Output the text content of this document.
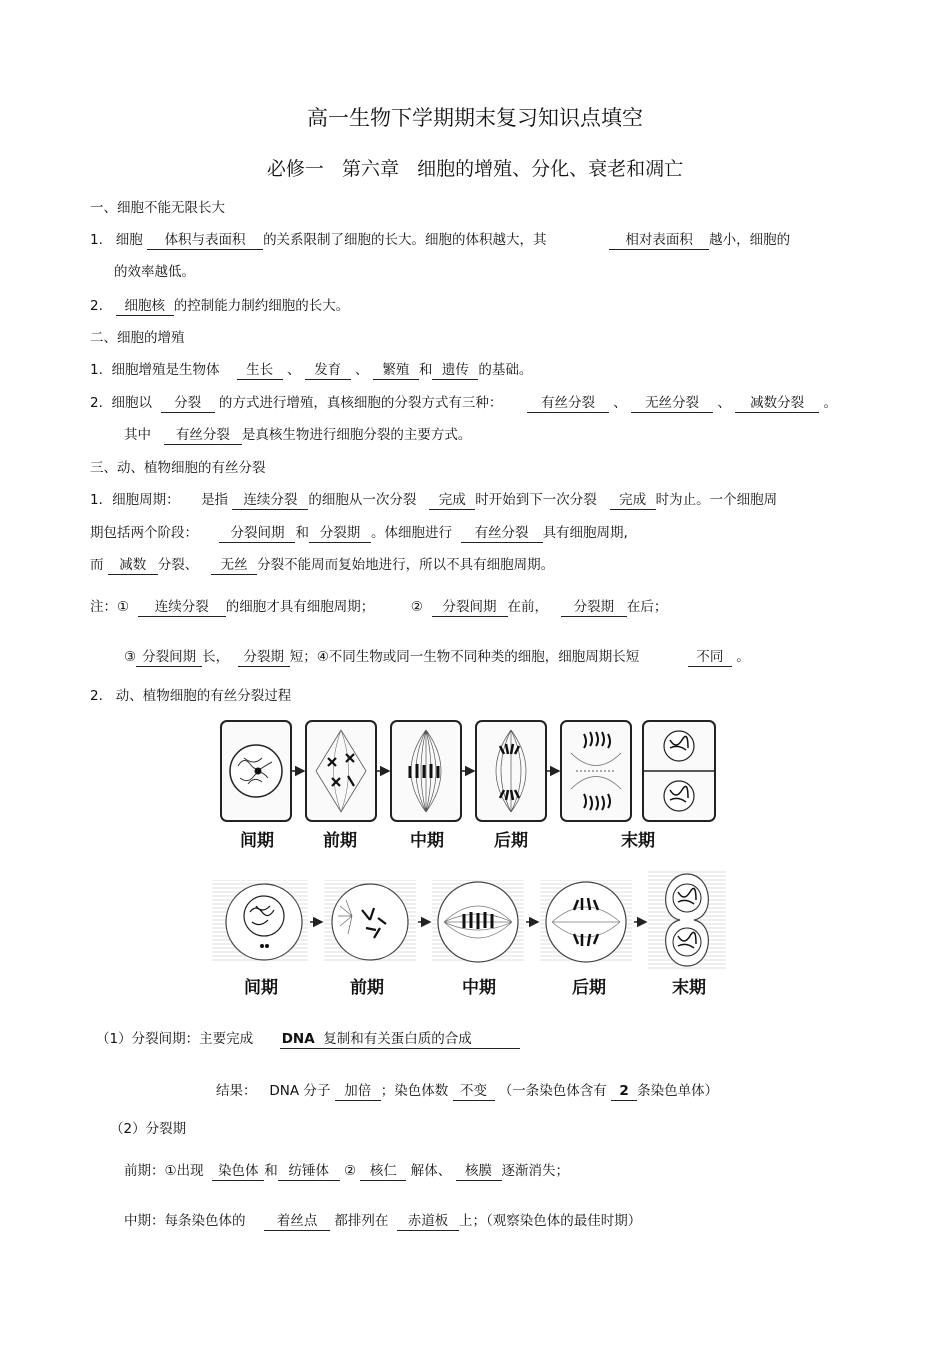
高一生物下学期期末复习知识点填空
必修一   第六章   细胞的增殖、分化、衰老和凋亡
一、细胞不能无限长大
1. 细胞 体积与表面积 的关系限制了细胞的长大。细胞的体积越大，其	相对表面积 越小，细胞的
的效率越低。
2. 细胞核 的控制能力制约细胞的长大。
二、细胞的增殖
1. 细胞增殖是生物体 生长 、 发育 、 繁殖 和 遗传 的基础。
2. 细胞以 分裂 的方式进行增殖，真核细胞的分裂方式有三种：	有丝分裂 、 无丝分裂 、 减数分裂 。
其中 有丝分裂 是真核生物进行细胞分裂的主要方式。
三、动、植物细胞的有丝分裂
1．细胞周期： 是指 连续分裂 的细胞从一次分裂 完成 时开始到下一次分裂 完成 时为止。一个细胞周
期包括两个阶段： 分裂间期 和 分裂期 。体细胞进行 有丝分裂 具有细胞周期,
而 减数 分裂、 无丝 分裂不能周而复始地进行，所以不具有细胞周期。
注：① 连续分裂 的细胞才具有细胞周期；	② 分裂间期 在前， 分裂期 在后；
③ 分裂间期 长， 分裂期 短；④不同生物或同一生物不同种类的细胞，细胞周期长短	不同 。
2. 动、植物细胞的有丝分裂过程
间期	前期	中期	后期	末期
间期	前期	中期	后期	末期
（1）分裂间期：主要完成 DNA 复制和有关蛋白质的合成
结果： DNA 分子 加倍 ；染色体数 不变 （一条染色体含有 2 条染色单体）
（2）分裂期
前期：①出现 染色体 和 纺锤体 ② 核仁 解体、 核膜 逐渐消失；
中期：每条染色体的 着丝点 都排列在 赤道板 上；（观察染色体的最佳时期）
